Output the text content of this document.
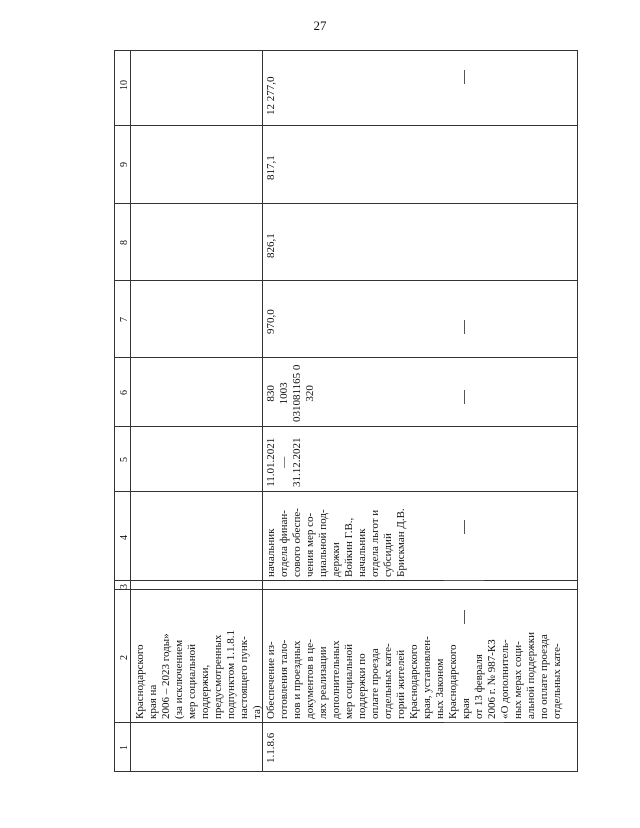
27
10
9
8
7
6
5
4
3
2
1
Краснодарского края на 2006 – 2023 годы» (за исключением мер социальной поддержки, предусмотренных подпунктом 1.1.8.1 настоящего пунк- та)
1.1.8.6
Обеспечение из- готовления тало- нов и проездных документов в це- лях реализации дополнительных мер социальной поддержки по оплате проезда отдельных кате- горий жителей Краснодарского края, установлен- ных Законом Краснодарского края от 13 февраля 2006 г. № 987-КЗ «О дополнитель- ных мерах соци- альной поддержки по оплате проезда отдельных кате-
начальник отдела финан- сового обеспе- чения мер со- циальной под- держки Войкин Г.В., начальник отдела льгот и субсидий Брискман Д.В.
11.01.2021 — 31.12.2021
830 1003 031081165 0 320
970,0
826,1
817,1
12 277,0
